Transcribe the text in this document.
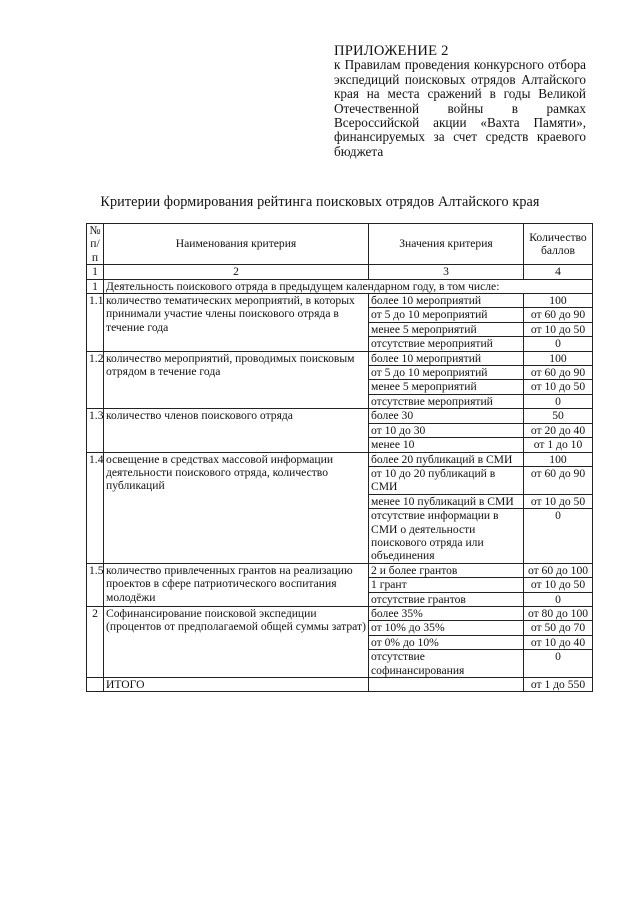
ПРИЛОЖЕНИЕ 2
к Правилам проведения конкурсного отбора экспедиций поисковых отрядов Алтайского края на места сражений в годы Великой Отечественной войны в рамках Всероссийской акции «Вахта Памяти», финансируемых за счет средств краевого бюджета
Критерии формирования рейтинга поисковых отрядов Алтайского края
№ п/п	Наименования критерия	Значения критерия	Количество баллов
1	2	3	4
1	Деятельность поискового отряда в предыдущем календарном году, в том числе:		
1.1	количество тематических мероприятий, в которых принимали участие члены поискового отряда в течение года	более 10 мероприятий	100
		от 5 до 10 мероприятий	от 60 до 90
		менее 5 мероприятий	от 10 до 50
		отсутствие мероприятий	0
1.2	количество мероприятий, проводимых поисковым отрядом в течение года	более 10 мероприятий	100
		от 5 до 10 мероприятий	от 60 до 90
		менее 5 мероприятий	от 10 до 50
		отсутствие мероприятий	0
1.3	количество членов поискового отряда	более 30	50
		от 10 до 30	от 20 до 40
		менее 10	от 1 до 10
1.4	освещение в средствах массовой информации деятельности поискового отряда, количество публикаций	более 20 публикаций в СМИ	100
		от 10 до 20 публикаций в СМИ	от 60 до 90
		менее 10 публикаций в СМИ	от 10 до 50
		отсутствие информации в СМИ о деятельности поискового отряда или объединения	0
1.5	количество привлеченных грантов на реализацию проектов в сфере патриотического воспитания молодёжи	2 и более грантов	от 60 до 100
		1 грант	от 10 до 50
		отсутствие грантов	0
2	Софинансирование поисковой экспедиции (процентов от предполагаемой общей суммы затрат)	более 35%	от 80 до 100
		от 10% до 35%	от 50 до 70
		от 0% до 10%	от 10 до 40
		отсутствие софинансирования	0
	ИТОГО		от 1 до 550
